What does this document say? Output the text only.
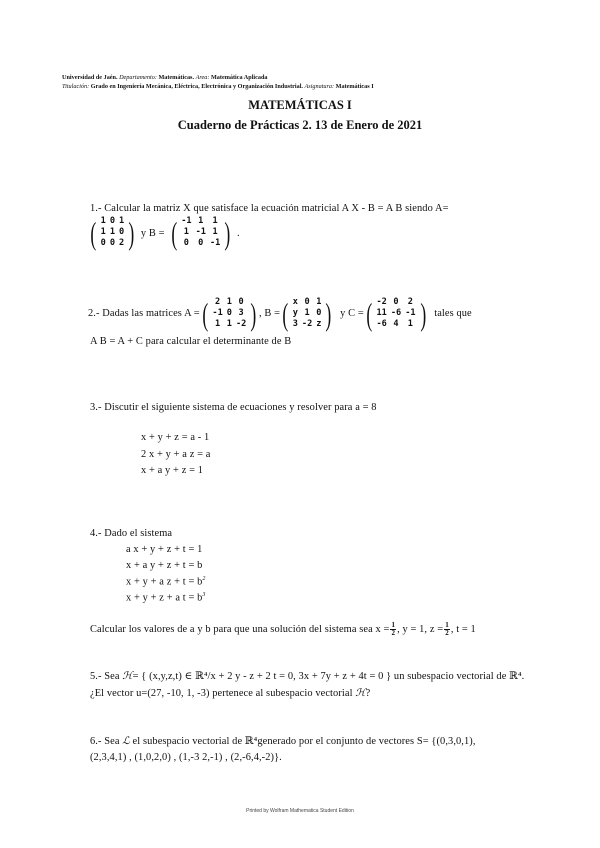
Universidad de Jaén. Departamento: Matemáticas. Area: Matemática Aplicada
Titulación: Grado en Ingeniería Mecánica, Eléctrica, Electrónica y Organización Industrial. Asignatura: Matemáticas I
MATEMÁTICAS I
Cuaderno de Prácticas 2. 13 de Enero de 2021
1.- Calcular la matriz X que satisface la ecuación matricial A X - B = A B siendo A=
( 1	0	1
1	1	0
0	0	2 ) y B = ( -1	1	1
1	-1	1
0	0	-1 ) .
2.- Dadas las matrices A = ( 2	1	0
-1	0	3
1	1	-2 ) , B = ( x	0	1
y	1	0
3	-2	z ) y C = ( -2	0	2
11	-6	-1
-6	4	1 ) tales que
A B = A + C para calcular el determinante de B
3.- Discutir el siguiente sistema de ecuaciones y resolver para a = 8
x + y + z = a - 1
2 x + y + a z = a
x + a y + z = 1
4.- Dado el sistema
a x + y + z + t = 1
x + a y + z + t = b
x + y + a $z + t = b^2$
x + y + z + a $t = b^3$
Calcular los valores de a y b para que una solución del sistema sea $x = \frac{1}{2}$ , y = 1, $z = \frac{1}{2}$ , t = 1
5.- Sea ℋ= { (x,y,z,t) ∈ ℝ⁴/x + 2 y - z + 2 t = 0, 3x + 7y + z + 4t = 0 } un subespacio vectorial de ℝ⁴.
¿El vector u=(27, -10, 1, -3) pertenece al subespacio vectorial ℋ?
6.- Sea ℒ el subespacio vectorial de ℝ⁴generado por el conjunto de vectores S= {(0,3,0,1),
(2,3,4,1) , (1,0,2,0) , (1,-3 2,-1) , (2,-6,4,-2)}.
Printed by Wolfram Mathematica Student Edition
